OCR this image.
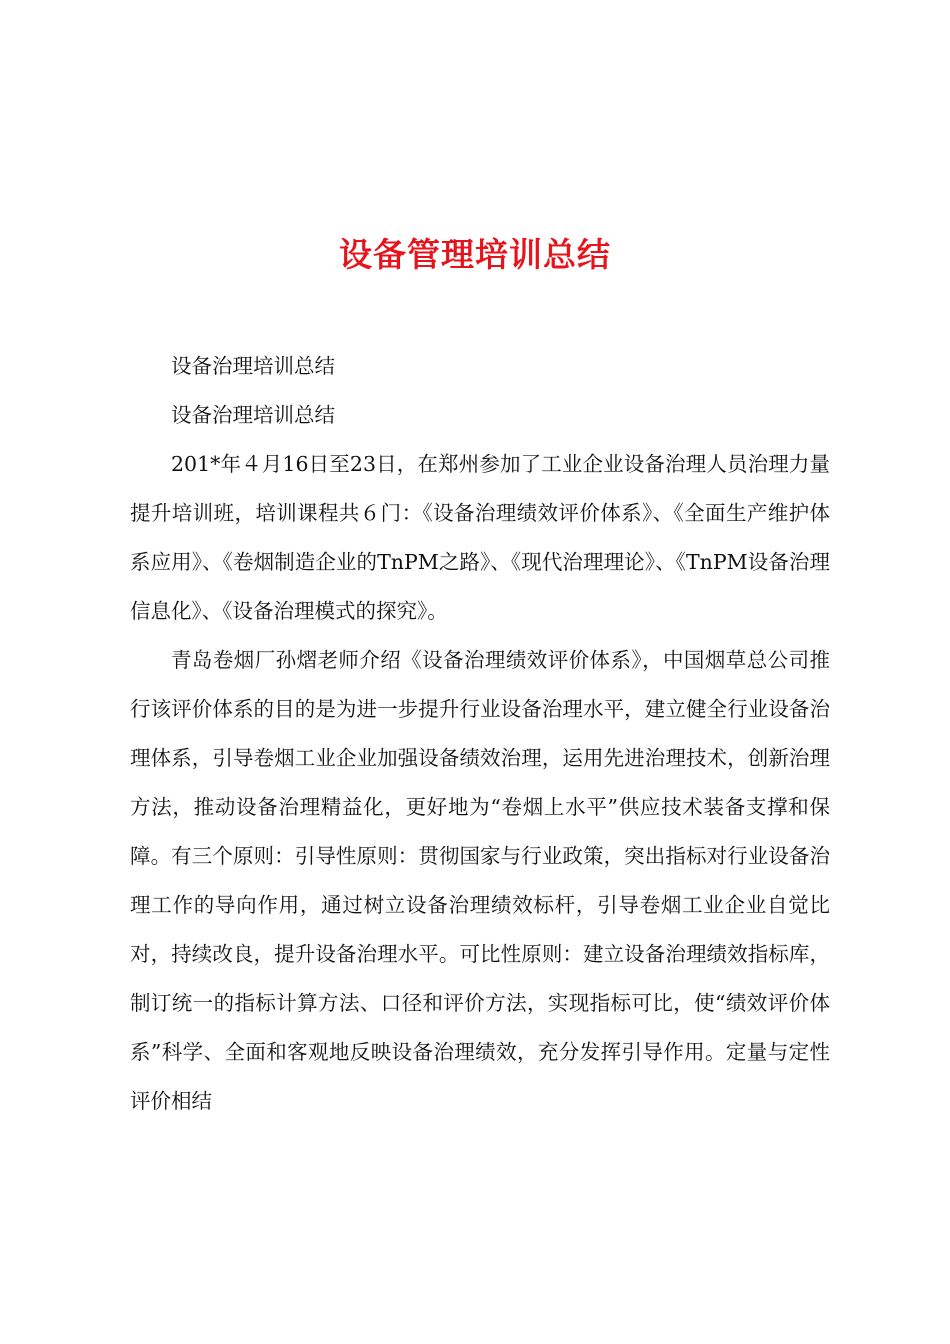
设备管理培训总结

设备治理培训总结

设备治理培训总结

201*年４月16日至23日，在郑州参加了工业企业设备治理人员治理力量提升培训班，培训课程共６门：《设备治理绩效评价体系》、《全面生产维护体系应用》、《卷烟制造企业的TnPM之路》、《现代治理理论》、《TnPM设备治理信息化》、《设备治理模式的探究》。

青岛卷烟厂孙熠老师介绍《设备治理绩效评价体系》，中国烟草总公司推行该评价体系的目的是为进一步提升行业设备治理水平，建立健全行业设备治理体系，引导卷烟工业企业加强设备绩效治理，运用先进治理技术，创新治理方法，推动设备治理精益化，更好地为“卷烟上水平”供应技术装备支撑和保障。有三个原则：引导性原则：贯彻国家与行业政策，突出指标对行业设备治理工作的导向作用，通过树立设备治理绩效标杆，引导卷烟工业企业自觉比对，持续改良，提升设备治理水平。可比性原则：建立设备治理绩效指标库，制订统一的指标计算方法、口径和评价方法，实现指标可比，使“绩效评价体系”科学、全面和客观地反映设备治理绩效，充分发挥引导作用。定量与定性评价相结
